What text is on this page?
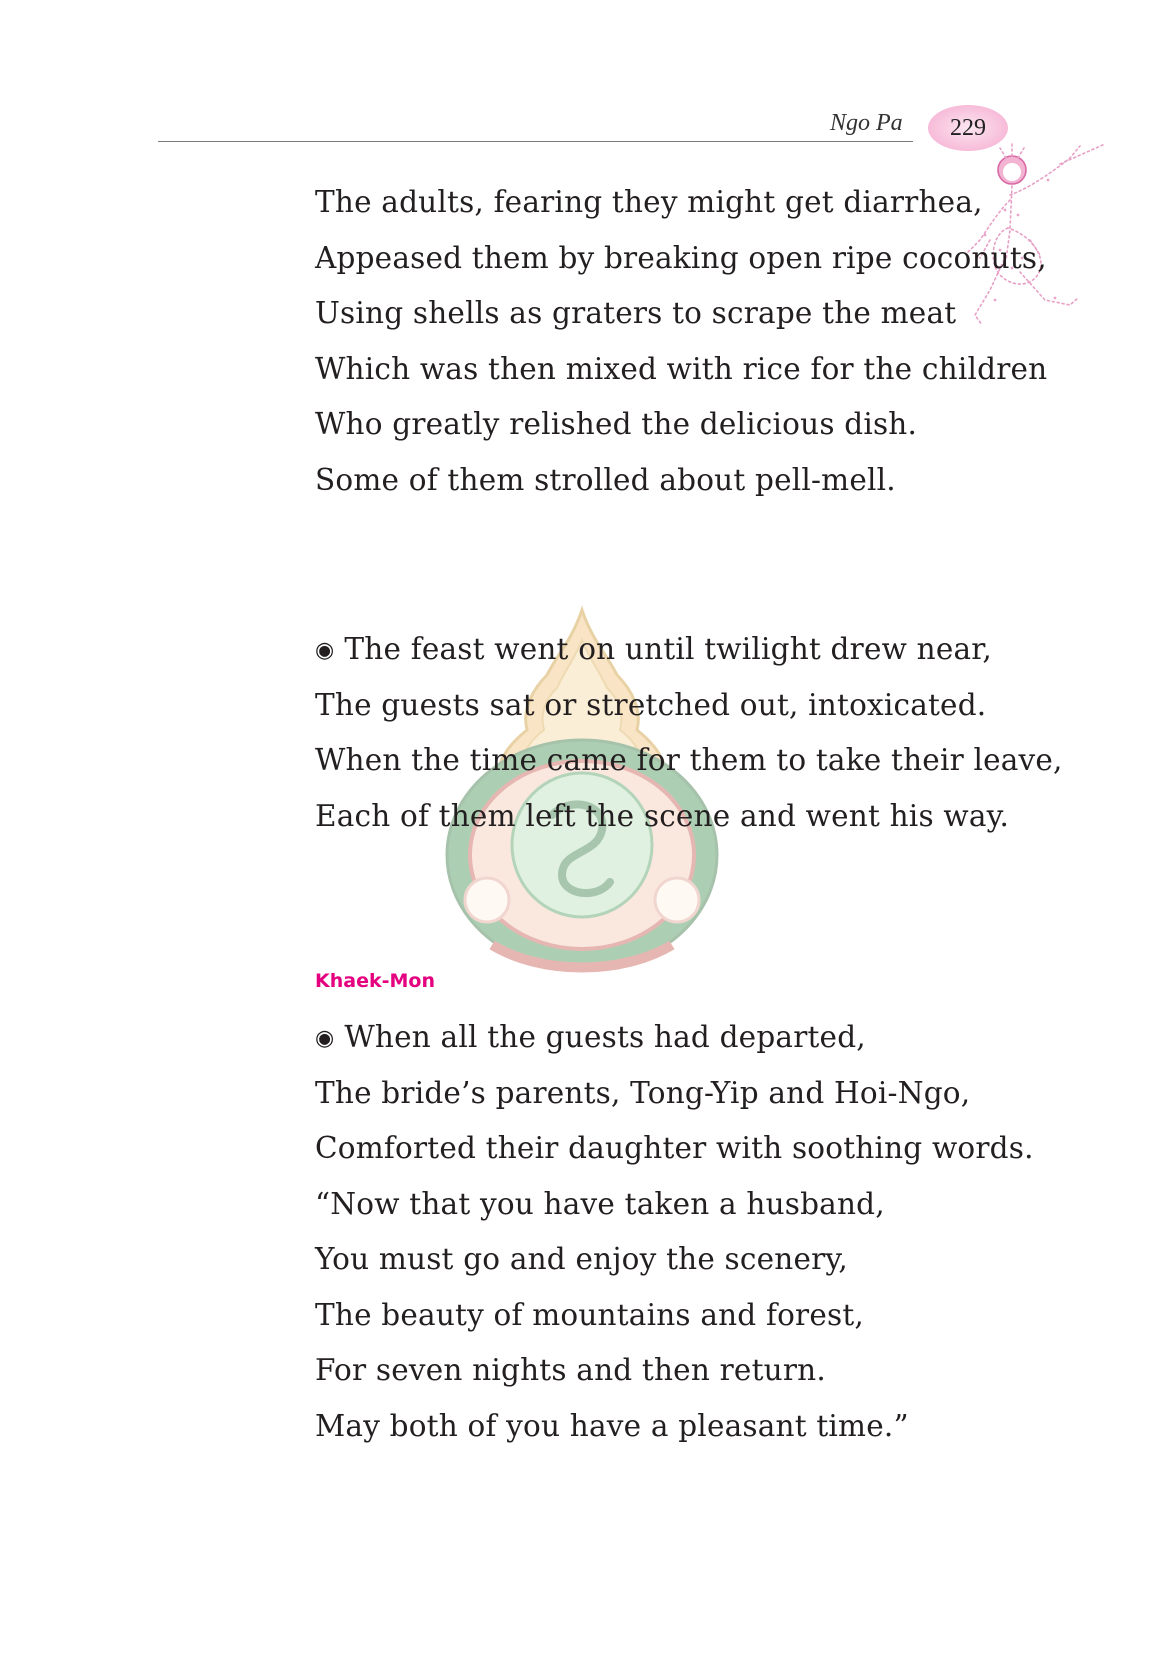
Ngo Pa 229
The adults, fearing they might get diarrhea,
Appeased them by breaking open ripe coconuts,
Using shells as graters to scrape the meat
Which was then mixed with rice for the children
Who greatly relished the delicious dish.
Some of them strolled about pell-mell.
◉ The feast went on until twilight drew near,
The guests sat or stretched out, intoxicated.
When the time came for them to take their leave,
Each of them left the scene and went his way.
Khaek-Mon
◉ When all the guests had departed,
The bride’s parents, Tong-Yip and Hoi-Ngo,
Comforted their daughter with soothing words.
“Now that you have taken a husband,
You must go and enjoy the scenery,
The beauty of mountains and forest,
For seven nights and then return.
May both of you have a pleasant time.”
